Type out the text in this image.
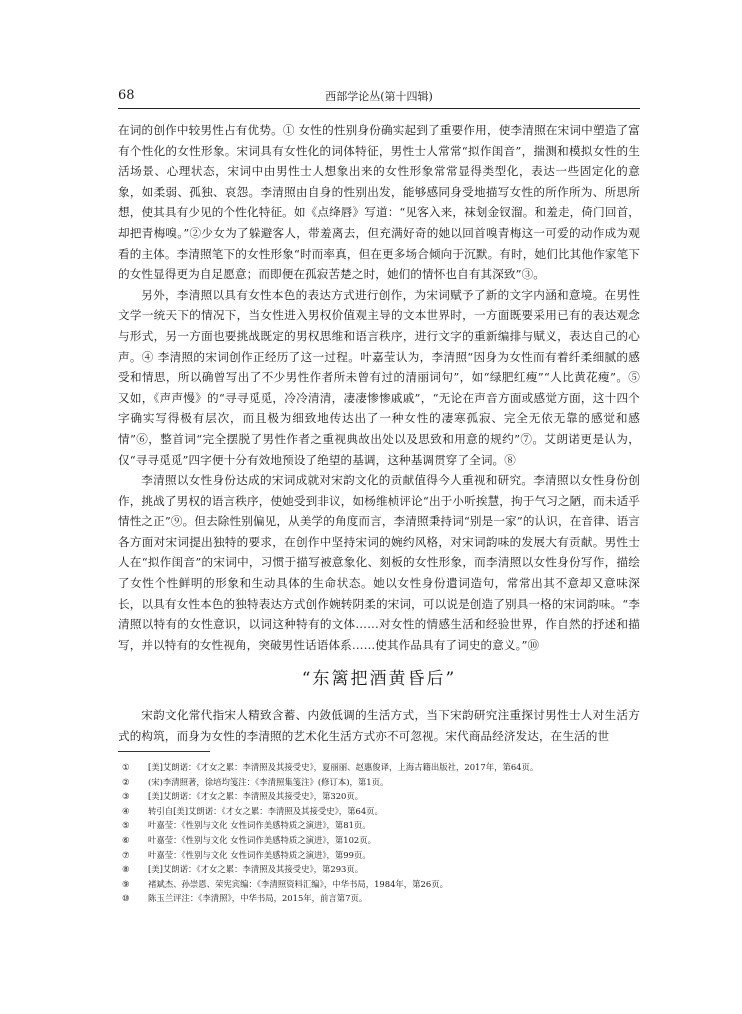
68	西部学论丛(第十四辑)

在词的创作中较男性占有优势。① 女性的性别身份确实起到了重要作用，使李清照在宋词中塑造了富有个性化的女性形象。宋词具有女性化的词体特征，男性士人常常“拟作闺音”，揣测和模拟女性的生活场景、心理状态，宋词中由男性士人想象出来的女性形象常常显得类型化，表达一些固定化的意象，如柔弱、孤独、哀怨。李清照由自身的性别出发，能够感同身受地描写女性的所作所为、所思所想，使其具有少见的个性化特征。如《点绛唇》写道：“见客入来，袜刬金钗溜。和羞走，倚门回首，却把青梅嗅。”②少女为了躲避客人，带羞离去，但充满好奇的她以回首嗅青梅这一可爱的动作成为观看的主体。李清照笔下的女性形象“时而率真，但在更多场合倾向于沉默。有时，她们比其他作家笔下的女性显得更为自足愿意；而即便在孤寂苦楚之时，她们的情怀也自有其深致”③。

另外，李清照以具有女性本色的表达方式进行创作，为宋词赋予了新的文字内涵和意境。在男性文学一统天下的情况下，当女性进入男权价值观主导的文本世界时，一方面既要采用已有的表达观念与形式，另一方面也要挑战既定的男权思维和语言秩序，进行文字的重新编排与赋义，表达自己的心声。④ 李清照的宋词创作正经历了这一过程。叶嘉莹认为，李清照“因身为女性而有着纤柔细腻的感受和情思，所以确曾写出了不少男性作者所未曾有过的清丽词句”，如“绿肥红瘦”“人比黄花瘦”。⑤ 又如，《声声慢》的“寻寻觅觅，冷冷清清，凄凄惨惨戚戚”，“无论在声音方面或感觉方面，这十四个字确实写得极有层次，而且极为细致地传达出了一种女性的凄寒孤寂、完全无依无靠的感觉和感情”⑥，整首词“完全摆脱了男性作者之重视典故出处以及思致和用意的规约”⑦。艾朗诺更是认为，仅“寻寻觅觅”四字便十分有效地预设了绝望的基调，这种基调贯穿了全词。⑧

李清照以女性身份达成的宋词成就对宋韵文化的贡献值得今人重视和研究。李清照以女性身份创作，挑战了男权的语言秩序，使她受到非议，如杨维桢评论“出于小听挨慧，拘于气习之陋，而未适乎情性之正”⑨。但去除性别偏见，从美学的角度而言，李清照秉持词“别是一家”的认识，在音律、语言各方面对宋词提出独特的要求，在创作中坚持宋词的婉约风格，对宋词韵味的发展大有贡献。男性士人在“拟作闺音”的宋词中，习惯于描写被意象化、刻板的女性形象，而李清照以女性身份写作，描绘了女性个性鲜明的形象和生动具体的生命状态。她以女性身份遣词造句，常常出其不意却又意味深长，以具有女性本色的独特表达方式创作婉转阴柔的宋词，可以说是创造了别具一格的宋词韵味。“李清照以特有的女性意识，以词这种特有的文体……对女性的情感生活和经验世界，作自然的抒述和描写，并以特有的女性视角，突破男性话语体系……使其作品具有了词史的意义。”⑩

“东篱把酒黄昏后”

宋韵文化常代指宋人精致含蓄、内敛低调的生活方式，当下宋韵研究注重探讨男性士人对生活方式的构筑，而身为女性的李清照的艺术化生活方式亦不可忽视。宋代商品经济发达，在生活的世

① [美]艾朗诺：《才女之累：李清照及其接受史》，夏丽丽、赵惠俊译，上海古籍出版社，2017年，第64页。
② (宋)李清照著，徐培均笺注：《李清照集笺注》(修订本)，第1页。
③ [美]艾朗诺：《才女之累：李清照及其接受史》，第320页。
④ 转引自[美]艾朗诺：《才女之累：李清照及其接受史》，第64页。
⑤ 叶嘉莹：《性别与文化 女性词作美感特质之演进》，第81页。
⑥ 叶嘉莹：《性别与文化 女性词作美感特质之演进》，第102页。
⑦ 叶嘉莹：《性别与文化 女性词作美感特质之演进》，第99页。
⑧ [美]艾朗诺：《才女之累：李清照及其接受史》，第293页。
⑨ 褚斌杰、孙崇恩、荣宪宾编：《李清照资料汇编》，中华书局，1984年，第26页。
⑩ 陈玉兰评注：《李清照》，中华书局，2015年，前言第7页。
